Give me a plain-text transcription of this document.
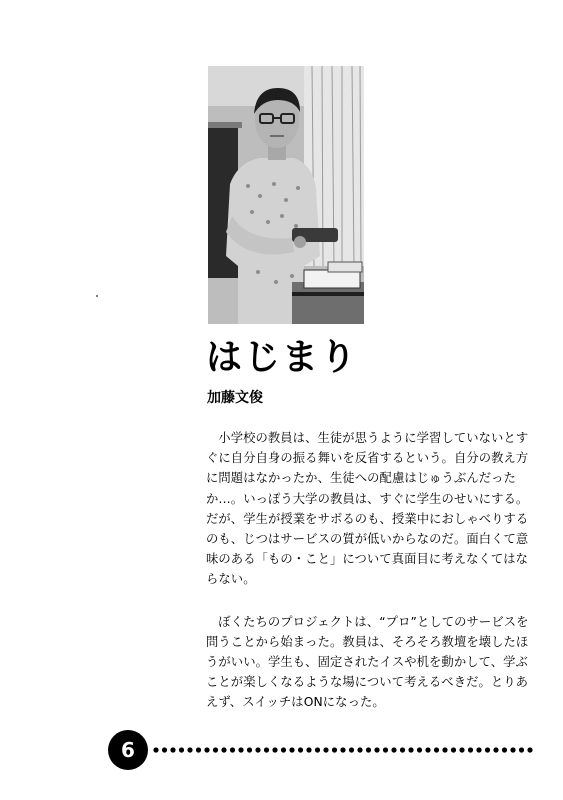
はじまり
加藤文俊

小学校の教員は、生徒が思うように学習していないとすぐに自分自身の振る舞いを反省するという。自分の教え方に問題はなかったか、生徒への配慮はじゅうぶんだったか…。いっぽう大学の教員は、すぐに学生のせいにする。だが、学生が授業をサボるのも、授業中におしゃべりするのも、じつはサービスの質が低いからなのだ。面白くて意味のある「もの・こと」について真面目に考えなくてはならない。

ぼくたちのプロジェクトは、“プロ”としてのサービスを問うことから始まった。教員は、そろそろ教壇を壊したほうがいい。学生も、固定されたイスや机を動かして、学ぶことが楽しくなるような場について考えるべきだ。とりあえず、スイッチはONになった。

6
